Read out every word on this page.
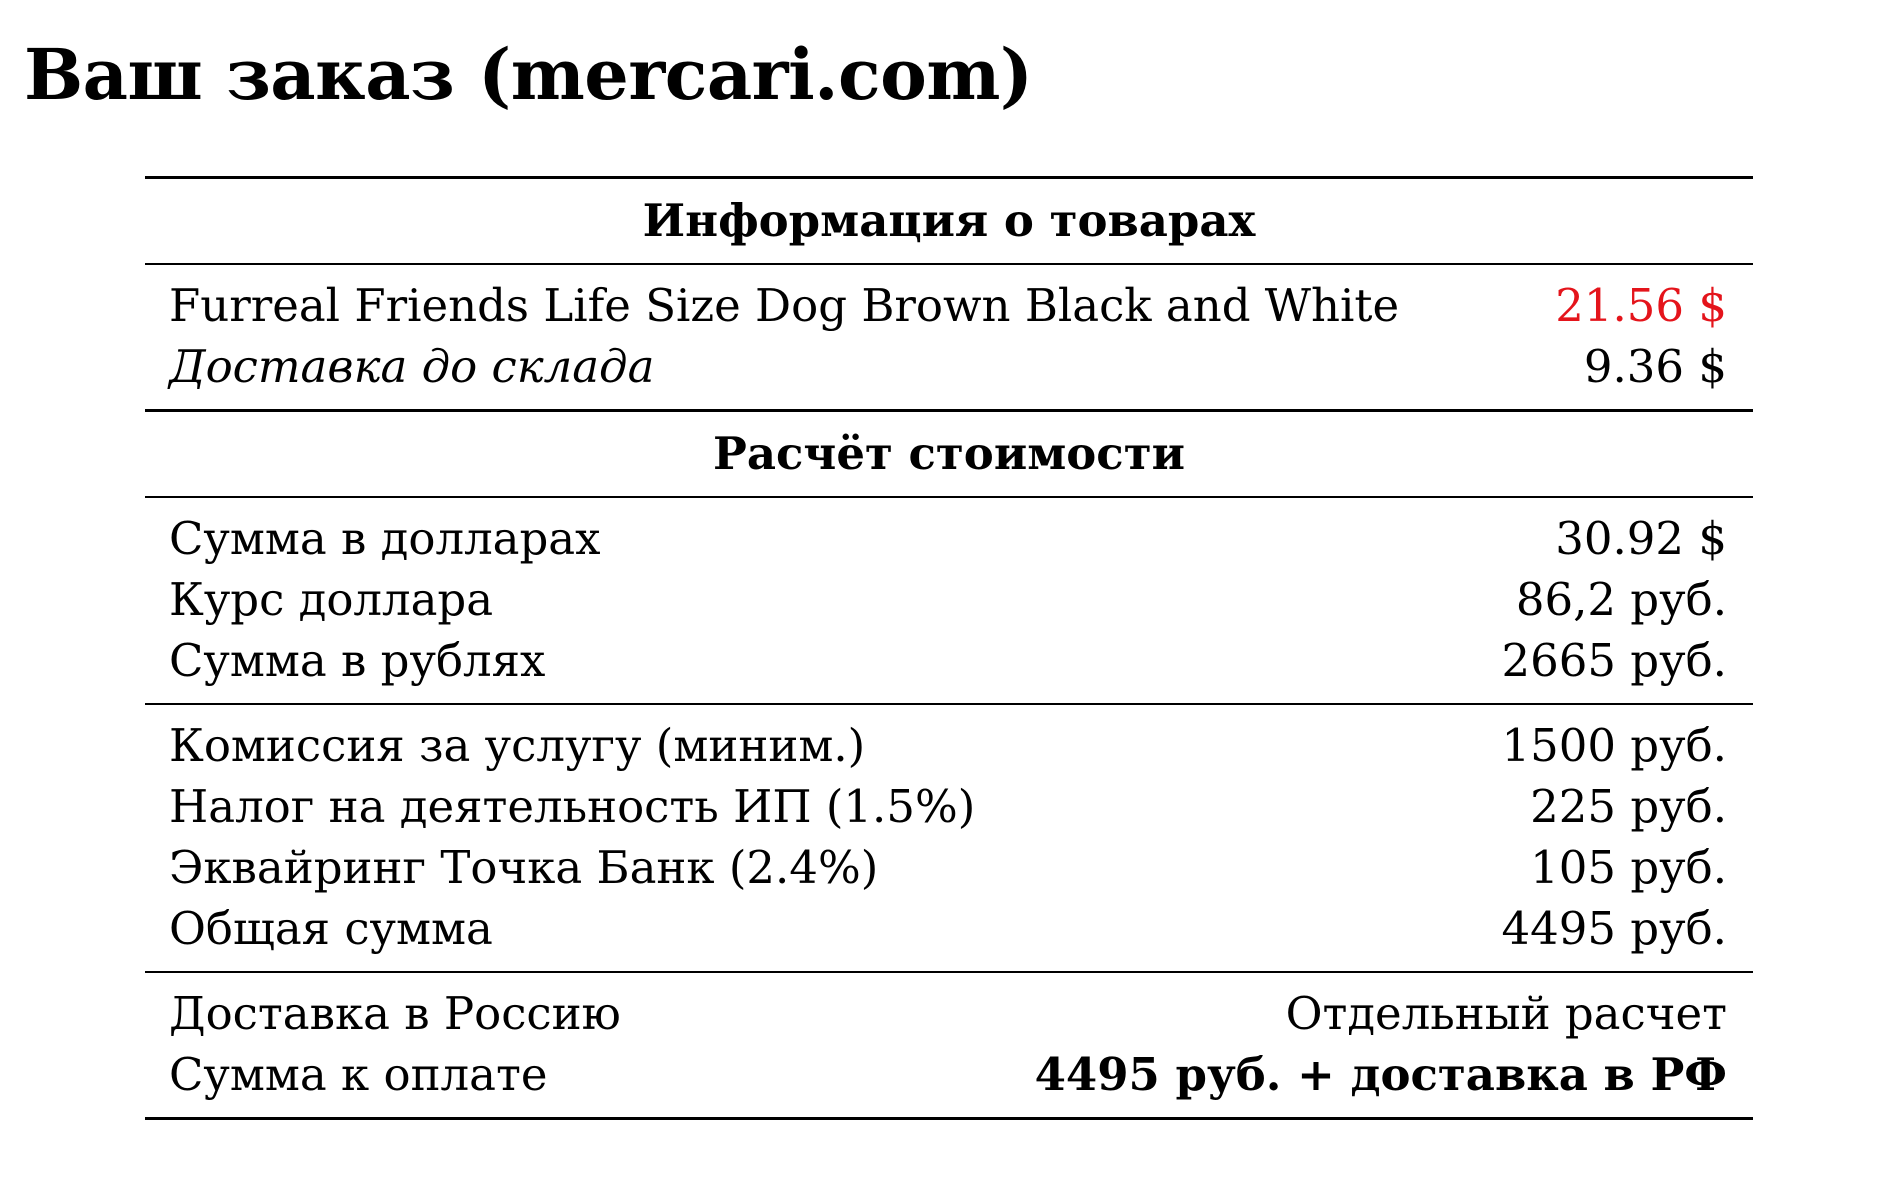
Ваш заказ (mercari.com)
Информация о товарах
Furreal Friends Life Size Dog Brown Black and White	21.56 $
Доставка до склада	9.36 $
Расчёт стоимости
Сумма в долларах	30.92 $
Курс доллара	86,2 руб.
Сумма в рублях	2665 руб.
Комиссия за услугу (миним.)	1500 руб.
Налог на деятельность ИП (1.5%)	225 руб.
Эквайринг Точка Банк (2.4%)	105 руб.
Общая сумма	4495 руб.
Доставка в Россию	Отдельный расчет
Сумма к оплате	4495 руб. + доставка в РФ
